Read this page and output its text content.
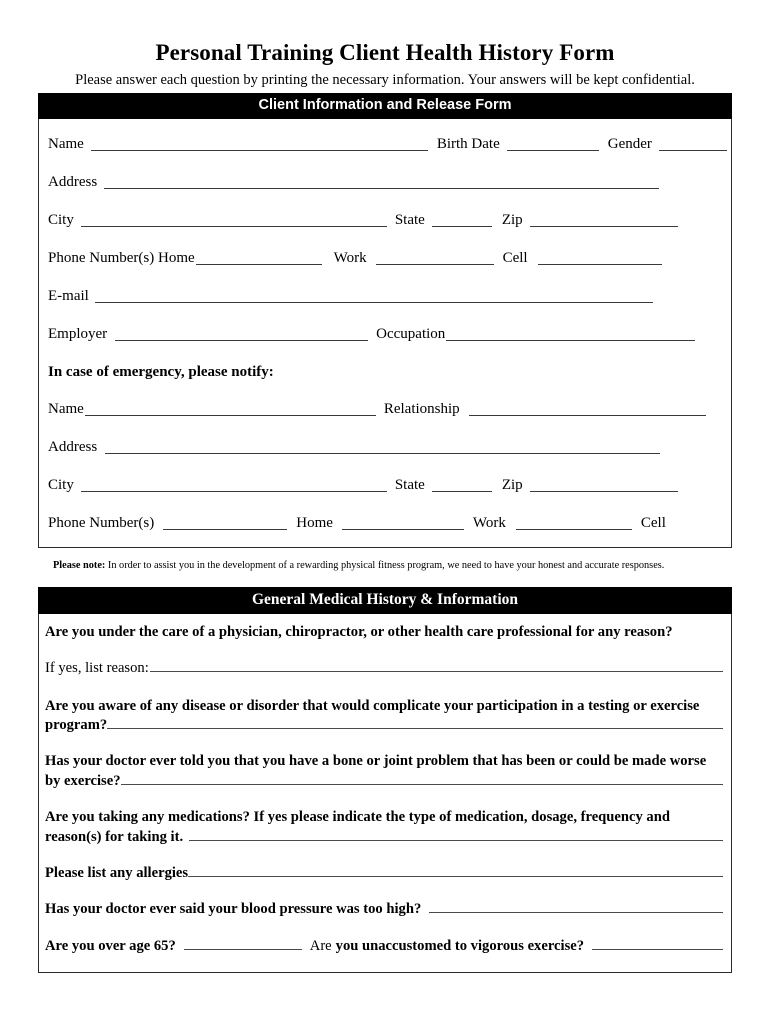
Personal Training Client Health History Form

Please answer each question by printing the necessary information. Your answers will be kept confidential.

Client Information and Release Form
Name	Birth Date	Gender
Address
City	State	Zip
Phone Number(s) Home	Work	Cell
E-mail
Employer	Occupation
In case of emergency, please notify:
Name	Relationship
Address
City	State	Zip
Phone Number(s)	Home	Work	Cell
Please note: In order to assist you in the development of a rewarding physical fitness program, we need to have your honest and accurate responses.
General Medical History & Information
Are you under the care of a physician, chiropractor, or other health care professional for any reason?
If yes, list reason:
Are you aware of any disease or disorder that would complicate your participation in a testing or exercise
program?
Has your doctor ever told you that you have a bone or joint problem that has been or could be made worse
by exercise?
Are you taking any medications? If yes please indicate the type of medication, dosage, frequency and
reason(s) for taking it.
Please list any allergies
Has your doctor ever said your blood pressure was too high?
Are you over age 65?	Are you unaccustomed to vigorous exercise?
